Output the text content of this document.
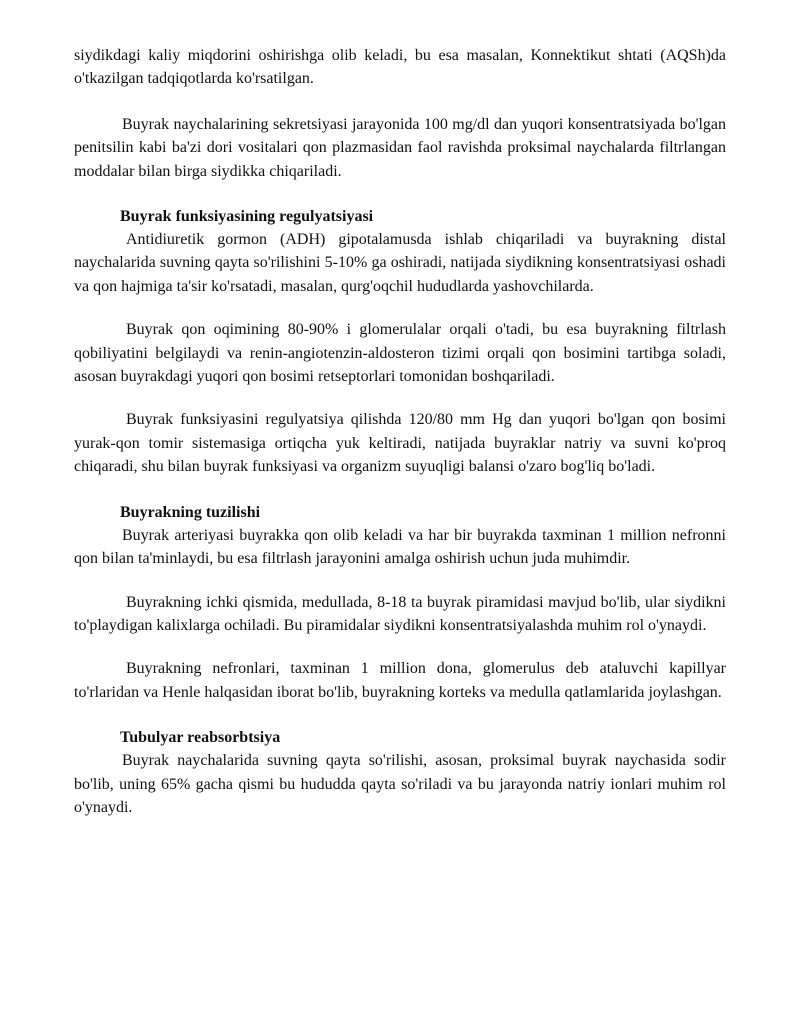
siydikdagi kaliy miqdorini oshirishga olib keladi, bu esa masalan, Konnektikut shtati (AQSh)da o'tkazilgan tadqiqotlarda ko'rsatilgan.

Buyrak naychalarining sekretsiyasi jarayonida 100 mg/dl dan yuqori konsentratsiyada bo'lgan penitsilin kabi ba'zi dori vositalari qon plazmasidan faol ravishda proksimal naychalarda filtrlangan moddalar bilan birga siydikka chiqariladi.

Buyrak funksiyasining regulyatsiyasi

Antidiuretik gormon (ADH) gipotalamusda ishlab chiqariladi va buyrakning distal naychalarida suvning qayta so'rilishini 5-10% ga oshiradi, natijada siydikning konsentratsiyasi oshadi va qon hajmiga ta'sir ko'rsatadi, masalan, qurg'oqchil hududlarda yashovchilarda.

Buyrak qon oqimining 80-90% i glomerulalar orqali o'tadi, bu esa buyrakning filtrlash qobiliyatini belgilaydi va renin-angiotenzin-aldosteron tizimi orqali qon bosimini tartibga soladi, asosan buyrakdagi yuqori qon bosimi retseptorlari tomonidan boshqariladi.

Buyrak funksiyasini regulyatsiya qilishda 120/80 mm Hg dan yuqori bo'lgan qon bosimi yurak-qon tomir sistemasiga ortiqcha yuk keltiradi, natijada buyraklar natriy va suvni ko'proq chiqaradi, shu bilan buyrak funksiyasi va organizm suyuqligi balansi o'zaro bog'liq bo'ladi.

Buyrakning tuzilishi

Buyrak arteriyasi buyrakka qon olib keladi va har bir buyrakda taxminan 1 million nefronni qon bilan ta'minlaydi, bu esa filtrlash jarayonini amalga oshirish uchun juda muhimdir.

Buyrakning ichki qismida, medullada, 8-18 ta buyrak piramidasi mavjud bo'lib, ular siydikni to'playdigan kalixlarga ochiladi. Bu piramidalar siydikni konsentratsiyalashda muhim rol o'ynaydi.

Buyrakning nefronlari, taxminan 1 million dona, glomerulus deb ataluvchi kapillyar to'rlaridan va Henle halqasidan iborat bo'lib, buyrakning korteks va medulla qatlamlarida joylashgan.

Tubulyar reabsorbtsiya

Buyrak naychalarida suvning qayta so'rilishi, asosan, proksimal buyrak naychasida sodir bo'lib, uning 65% gacha qismi bu hududda qayta so'riladi va bu jarayonda natriy ionlari muhim rol o'ynaydi.
